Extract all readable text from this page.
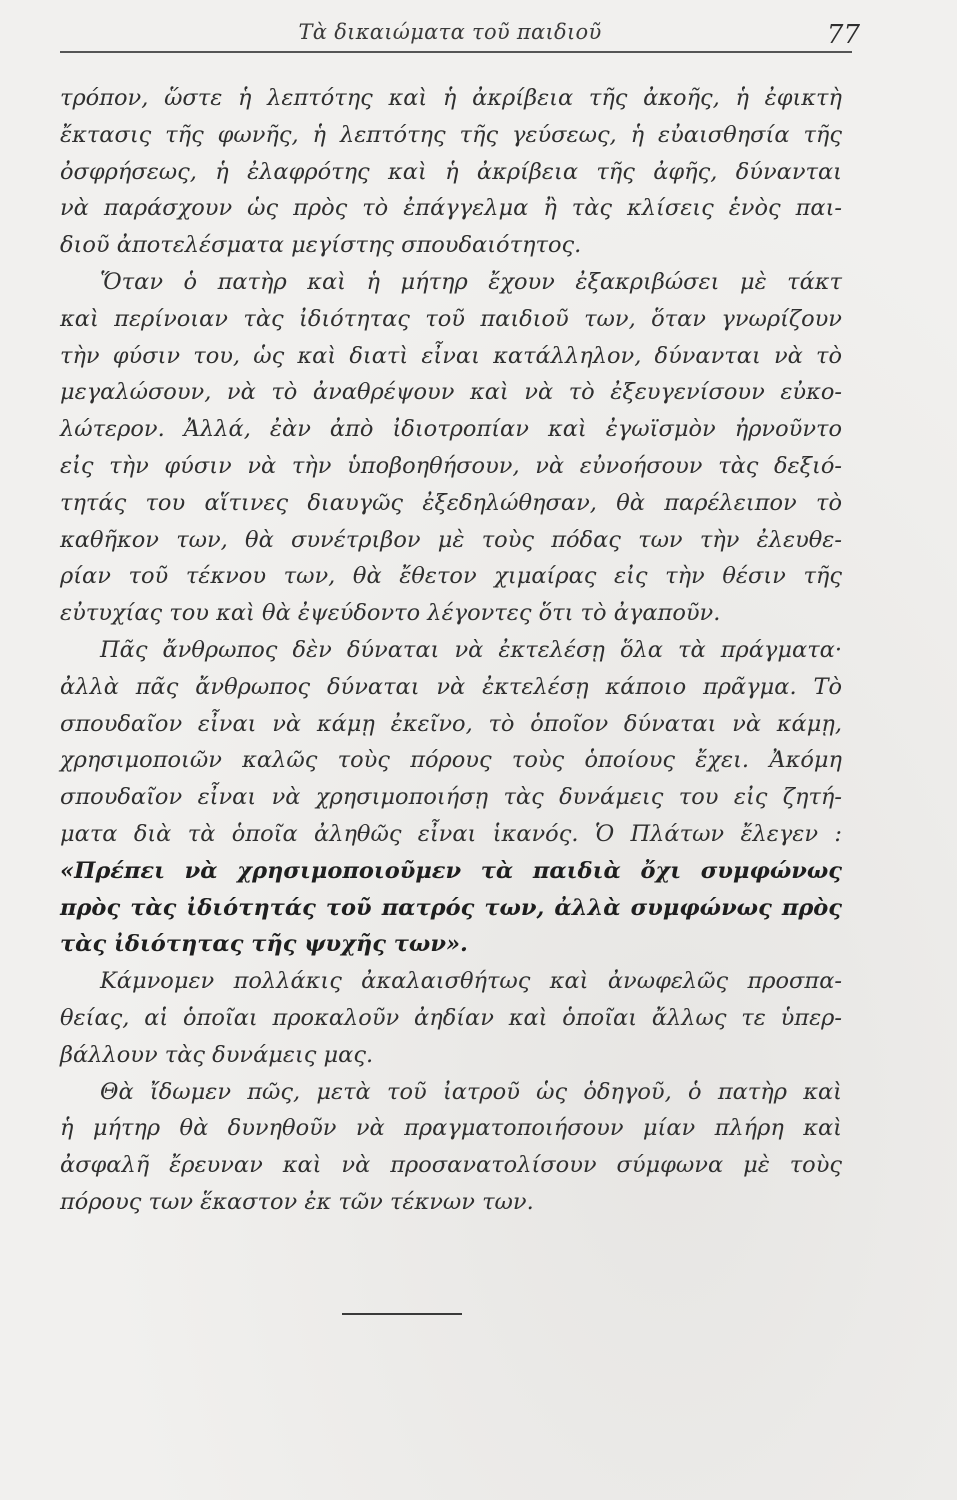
Τὰ δικαιώματα τοῦ παιδιοῦ	77
τρόπον, ὥστε ἡ λεπτότης καὶ ἡ ἀκρίβεια τῆς ἀκοῆς, ἡ ἐφικτὴ
ἔκτασις τῆς φωνῆς, ἡ λεπτότης τῆς γεύσεως, ἡ εὐαισθησία τῆς
ὀσφρήσεως, ἡ ἐλαφρότης καὶ ἡ ἀκρίβεια τῆς ἀφῆς, δύνανται
νὰ παράσχουν ὡς πρὸς τὸ ἐπάγγελμα ἢ τὰς κλίσεις ἑνὸς παι-
διοῦ ἀποτελέσματα μεγίστης σπουδαιότητος.
Ὅταν ὁ πατὴρ καὶ ἡ μήτηρ ἔχουν ἐξακριβώσει μὲ τάκτ
καὶ περίνοιαν τὰς ἰδιότητας τοῦ παιδιοῦ των, ὅταν γνωρίζουν
τὴν φύσιν του, ὡς καὶ διατὶ εἶναι κατάλληλον, δύνανται νὰ τὸ
μεγαλώσουν, νὰ τὸ ἀναθρέψουν καὶ νὰ τὸ ἐξευγενίσουν εὐκο-
λώτερον. Ἀλλά, ἐὰν ἀπὸ ἰδιοτροπίαν καὶ ἐγωϊσμὸν ἠρνοῦντο
εἰς τὴν φύσιν νὰ τὴν ὑποβοηθήσουν, νὰ εὐνοήσουν τὰς δεξιό-
τητάς του αἵτινες διαυγῶς ἐξεδηλώθησαν, θὰ παρέλειπον τὸ
καθῆκον των, θὰ συνέτριβον μὲ τοὺς πόδας των τὴν ἐλευθε-
ρίαν τοῦ τέκνου των, θὰ ἔθετον χιμαίρας εἰς τὴν θέσιν τῆς
εὐτυχίας του καὶ θὰ ἐψεύδοντο λέγοντες ὅτι τὸ ἀγαποῦν.
Πᾶς ἄνθρωπος δὲν δύναται νὰ ἐκτελέσῃ ὅλα τὰ πράγματα·
ἀλλὰ πᾶς ἄνθρωπος δύναται νὰ ἐκτελέσῃ κάποιο πρᾶγμα. Τὸ
σπουδαῖον εἶναι νὰ κάμῃ ἐκεῖνο, τὸ ὁποῖον δύναται νὰ κάμῃ,
χρησιμοποιῶν καλῶς τοὺς πόρους τοὺς ὁποίους ἔχει. Ἀκόμη
σπουδαῖον εἶναι νὰ χρησιμοποιήσῃ τὰς δυνάμεις του εἰς ζητή-
ματα διὰ τὰ ὁποῖα ἀληθῶς εἶναι ἱκανός. Ὁ Πλάτων ἔλεγεν :
«Πρέπει νὰ χρησιμοποιοῦμεν τὰ παιδιὰ ὄχι συμφώνως
πρὸς τὰς ἰδιότητάς τοῦ πατρός των, ἀλλὰ συμφώνως πρὸς
τὰς ἰδιότητας τῆς ψυχῆς των».
Κάμνομεν πολλάκις ἀκαλαισθήτως καὶ ἀνωφελῶς προσπα-
θείας, αἱ ὁποῖαι προκαλοῦν ἀηδίαν καὶ ὁποῖαι ἄλλως τε ὑπερ-
βάλλουν τὰς δυνάμεις μας.
Θὰ ἴδωμεν πῶς, μετὰ τοῦ ἰατροῦ ὡς ὁδηγοῦ, ὁ πατὴρ καὶ
ἡ μήτηρ θὰ δυνηθοῦν νὰ πραγματοποιήσουν μίαν πλήρη καὶ
ἀσφαλῆ ἔρευναν καὶ νὰ προσανατολίσουν σύμφωνα μὲ τοὺς
πόρους των ἕκαστον ἐκ τῶν τέκνων των.
